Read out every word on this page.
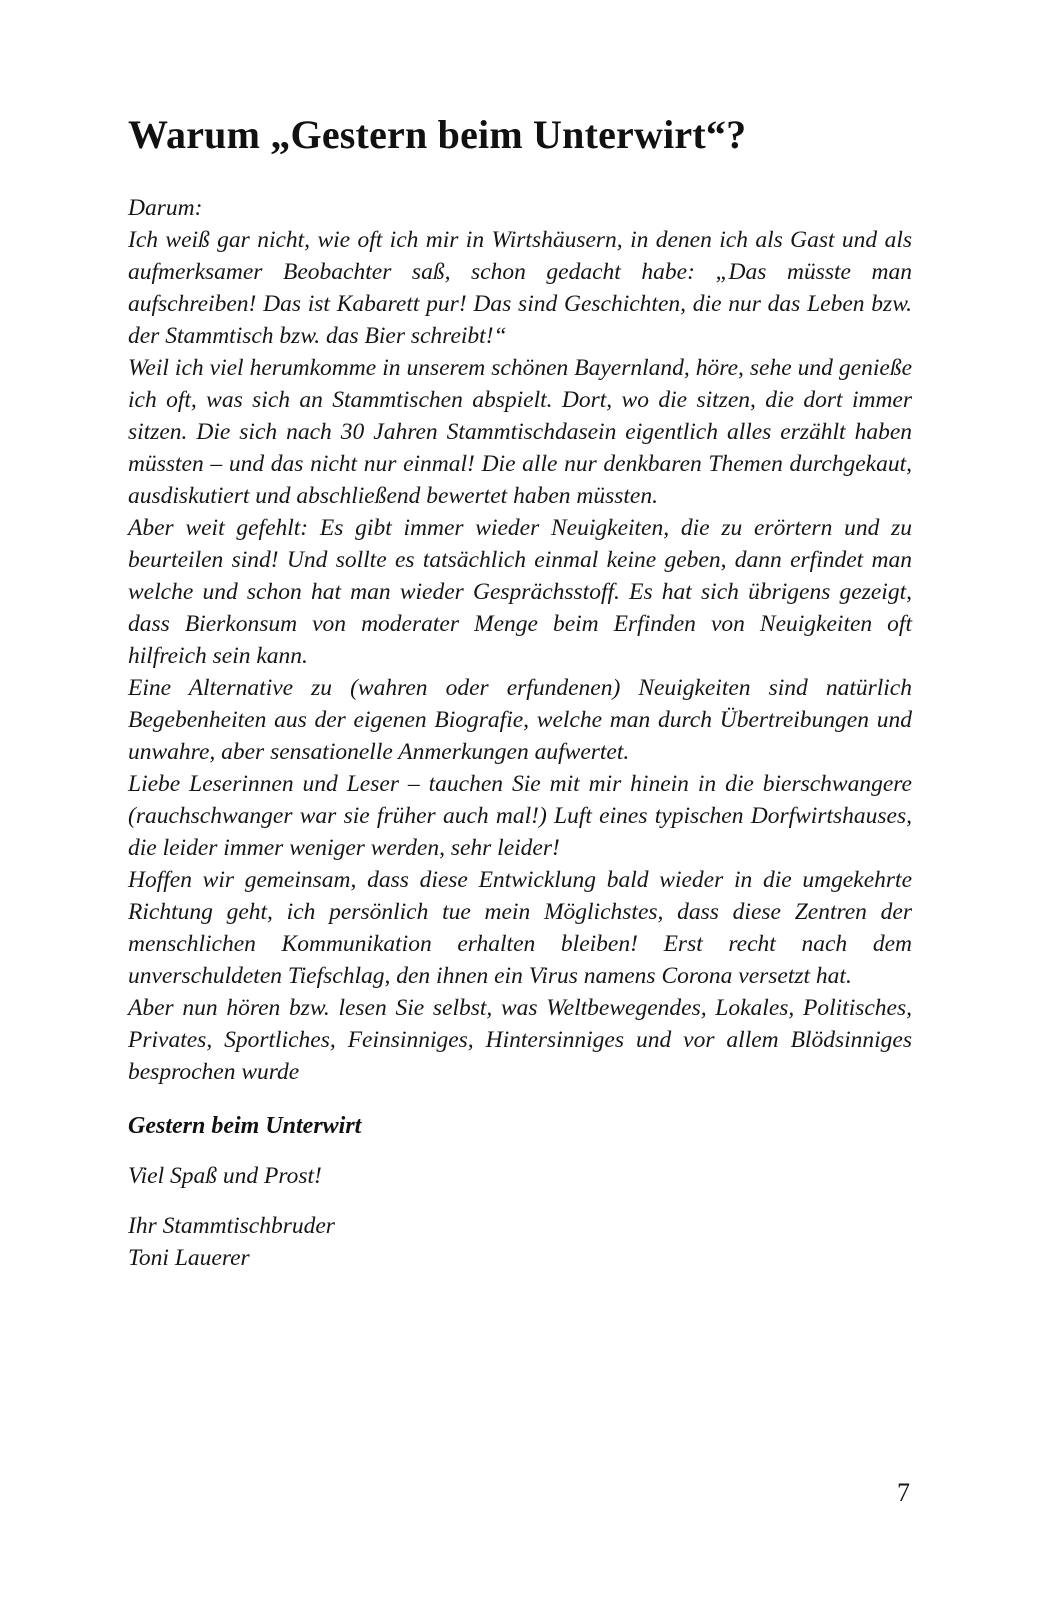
Warum „Gestern beim Unterwirt“?

Darum:

Ich weiß gar nicht, wie oft ich mir in Wirtshäusern, in denen ich als Gast und als aufmerksamer Beobachter saß, schon gedacht habe: „Das müsste man aufschreiben! Das ist Kabarett pur! Das sind Geschichten, die nur das Leben bzw. der Stammtisch bzw. das Bier schreibt!“

Weil ich viel herumkomme in unserem schönen Bayernland, höre, sehe und genieße ich oft, was sich an Stammtischen abspielt. Dort, wo die sitzen, die dort immer sitzen. Die sich nach 30 Jahren Stammtischdasein eigentlich alles erzählt haben müssten – und das nicht nur einmal! Die alle nur denkbaren Themen durchgekaut, ausdiskutiert und abschließend bewertet haben müssten.

Aber weit gefehlt: Es gibt immer wieder Neuigkeiten, die zu erörtern und zu beurteilen sind! Und sollte es tatsächlich einmal keine geben, dann erfindet man welche und schon hat man wieder Gesprächsstoff. Es hat sich übrigens gezeigt, dass Bierkonsum von moderater Menge beim Erfinden von Neuigkeiten oft hilfreich sein kann.

Eine Alternative zu (wahren oder erfundenen) Neuigkeiten sind natürlich Begebenheiten aus der eigenen Biografie, welche man durch Übertreibungen und unwahre, aber sensationelle Anmerkungen aufwertet.

Liebe Leserinnen und Leser – tauchen Sie mit mir hinein in die bierschwangere (rauchschwanger war sie früher auch mal!) Luft eines typischen Dorfwirtshauses, die leider immer weniger werden, sehr leider!

Hoffen wir gemeinsam, dass diese Entwicklung bald wieder in die umgekehrte Richtung geht, ich persönlich tue mein Möglichstes, dass diese Zentren der menschlichen Kommunikation erhalten bleiben! Erst recht nach dem unverschuldeten Tiefschlag, den ihnen ein Virus namens Corona versetzt hat.

Aber nun hören bzw. lesen Sie selbst, was Weltbewegendes, Lokales, Politisches, Privates, Sportliches, Feinsinniges, Hintersinniges und vor allem Blödsinniges besprochen wurde

Gestern beim Unterwirt

Viel Spaß und Prost!

Ihr Stammtischbruder

Toni Lauerer

7
